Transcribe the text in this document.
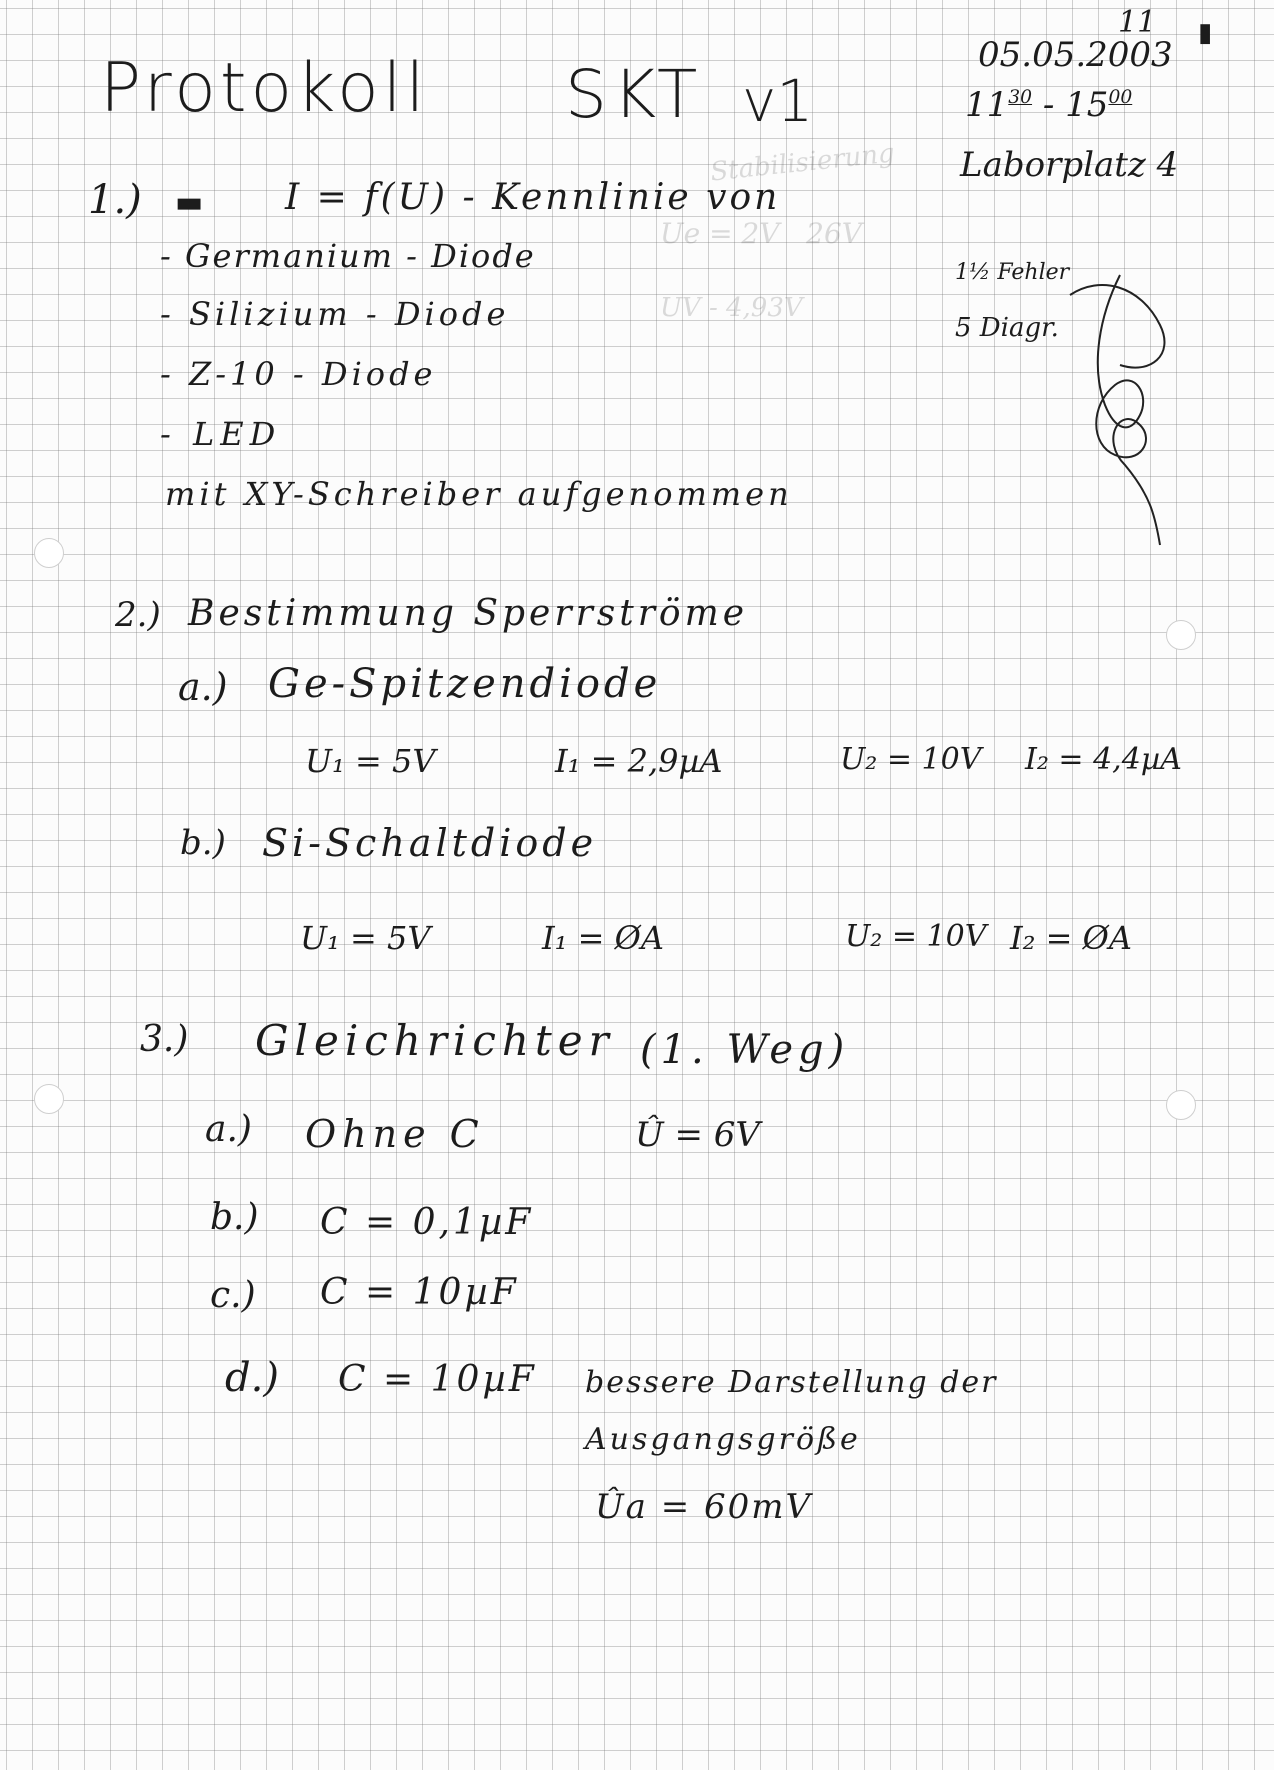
Stabilisierung
Ue = 2V   26V
UV - 4,93V
Protokoll SKT v1
11 ▮
05.05.2003
$11^{30} - 15^{00}$
Laborplatz 4
1½ Fehler
5 Diagr.
1.) ▬ I = f(U) - Kennlinie von
- Germanium - Diode
- Silizium - Diode
- Z-10 - Diode
- LED
mit XY-Schreiber aufgenommen
2.) Bestimmung Sperrströme
a.) Ge-Spitzendiode
U₁ = 5V	I₁ = 2,9µA	U₂ = 10V I₂ = 4,4µA
b.) Si-Schaltdiode
U₁ = 5V	I₁ = ØA	U₂ = 10V I₂ = ØA
3.) Gleichrichter (1. Weg)
a.) Ohne C	Û = 6V
b.) C = 0,1µF
c.) C = 10µF
d.) C = 10µF bessere Darstellung der
Ausgangsgröße
Ûa = 60mV
